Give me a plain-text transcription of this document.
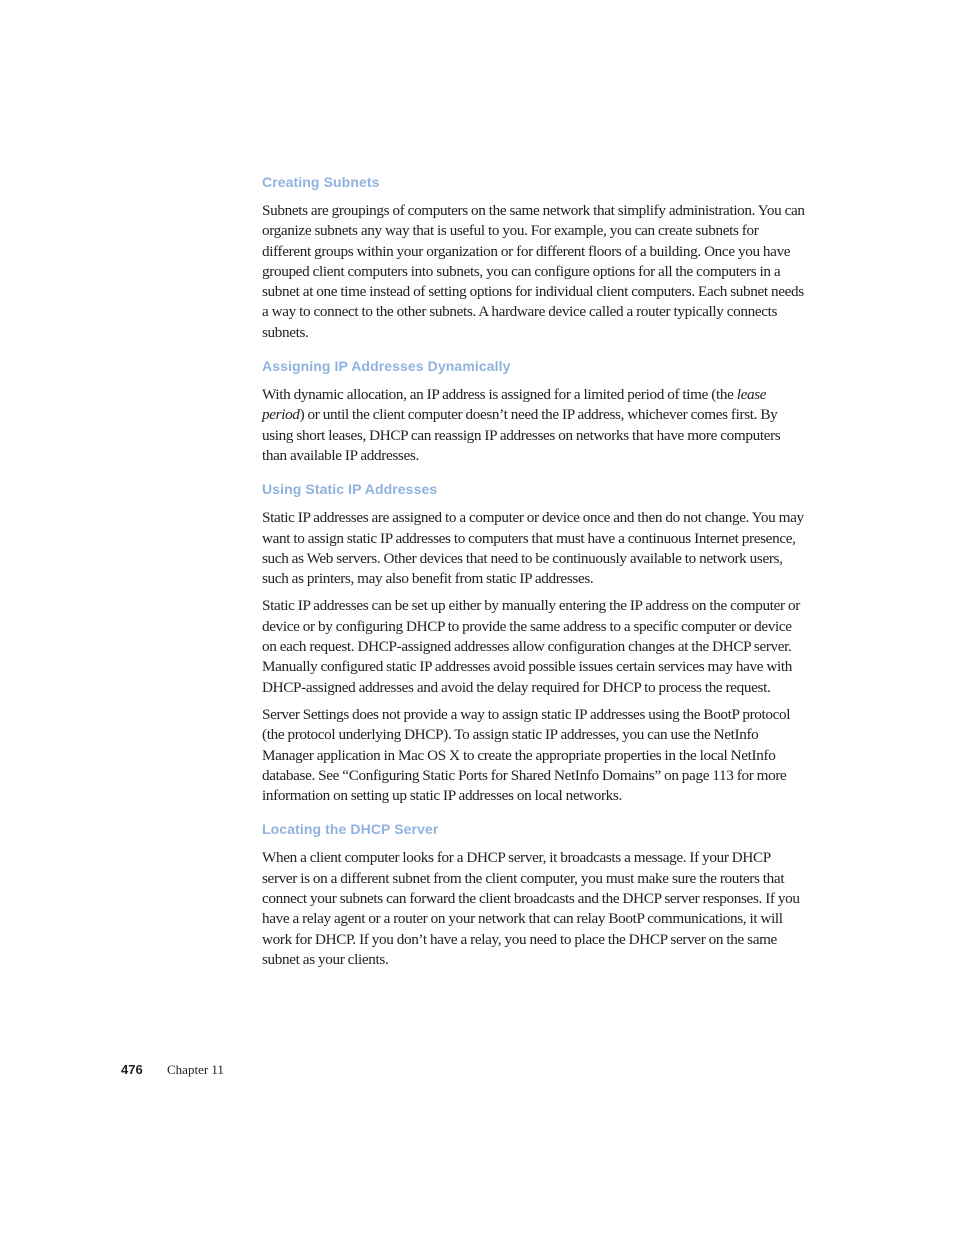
Creating Subnets

Subnets are groupings of computers on the same network that simplify administration. You can organize subnets any way that is useful to you. For example, you can create subnets for different groups within your organization or for different floors of a building. Once you have grouped client computers into subnets, you can configure options for all the computers in a subnet at one time instead of setting options for individual client computers. Each subnet needs a way to connect to the other subnets. A hardware device called a router typically connects subnets.

Assigning IP Addresses Dynamically

With dynamic allocation, an IP address is assigned for a limited period of time (the lease period) or until the client computer doesn’t need the IP address, whichever comes first. By using short leases, DHCP can reassign IP addresses on networks that have more computers than available IP addresses.

Using Static IP Addresses

Static IP addresses are assigned to a computer or device once and then do not change. You may want to assign static IP addresses to computers that must have a continuous Internet presence, such as Web servers. Other devices that need to be continuously available to network users, such as printers, may also benefit from static IP addresses.

Static IP addresses can be set up either by manually entering the IP address on the computer or device or by configuring DHCP to provide the same address to a specific computer or device on each request. DHCP-assigned addresses allow configuration changes at the DHCP server. Manually configured static IP addresses avoid possible issues certain services may have with DHCP-assigned addresses and avoid the delay required for DHCP to process the request.

Server Settings does not provide a way to assign static IP addresses using the BootP protocol (the protocol underlying DHCP). To assign static IP addresses, you can use the NetInfo Manager application in Mac OS X to create the appropriate properties in the local NetInfo database. See “Configuring Static Ports for Shared NetInfo Domains” on page 113 for more information on setting up static IP addresses on local networks.

Locating the DHCP Server

When a client computer looks for a DHCP server, it broadcasts a message. If your DHCP server is on a different subnet from the client computer, you must make sure the routers that connect your subnets can forward the client broadcasts and the DHCP server responses. If you have a relay agent or a router on your network that can relay BootP communications, it will work for DHCP. If you don’t have a relay, you need to place the DHCP server on the same subnet as your clients.

476 Chapter 11
